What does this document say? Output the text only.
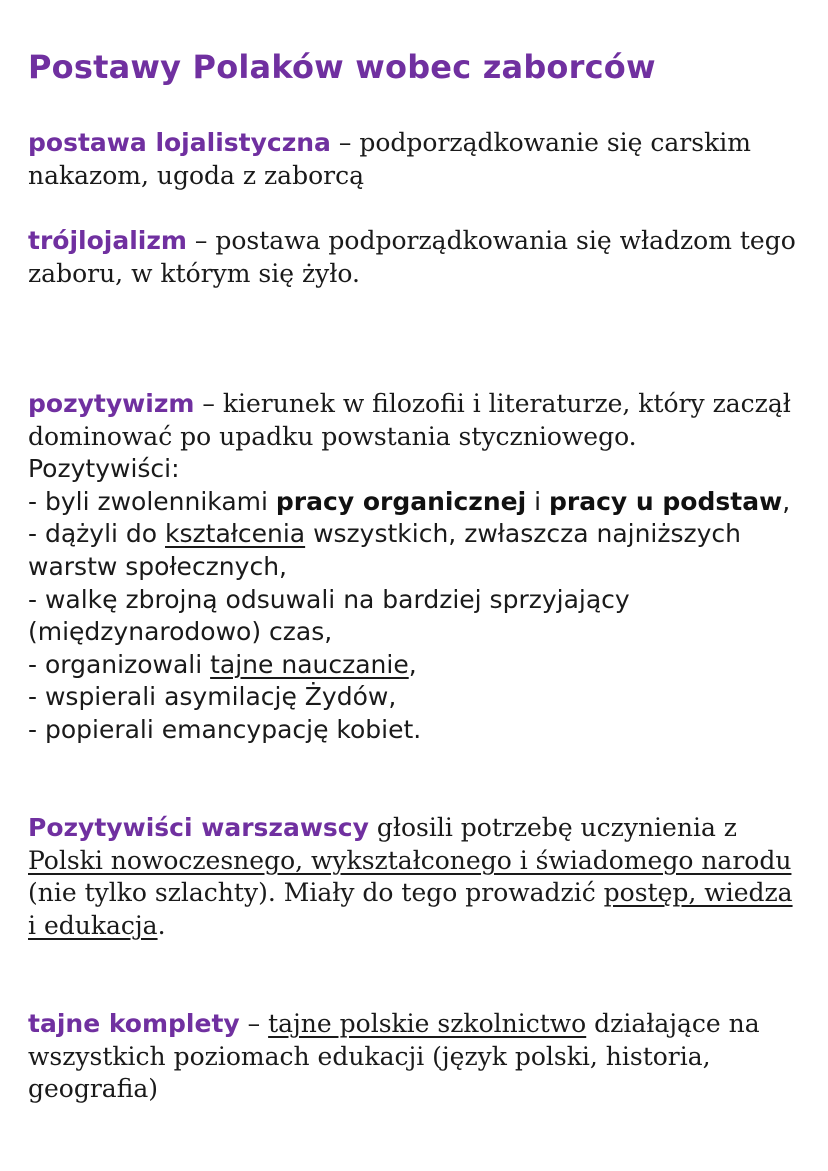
Postawy Polaków wobec zaborców

postawa lojalistyczna – podporządkowanie się carskim nakazom, ugoda z zaborcą

trójlojalizm – postawa podporządkowania się władzom tego zaboru, w którym się żyło.

pozytywizm – kierunek w filozofii i literaturze, który zaczął dominować po upadku powstania styczniowego.
Pozytywiści:
- byli zwolennikami pracy organicznej i pracy u podstaw,
- dążyli do kształcenia wszystkich, zwłaszcza najniższych warstw społecznych,
- walkę zbrojną odsuwali na bardziej sprzyjający (międzynarodowo) czas,
- organizowali tajne nauczanie,
- wspierali asymilację Żydów,
- popierali emancypację kobiet.

Pozytywiści warszawscy głosili potrzebę uczynienia z Polski nowoczesnego, wykształconego i świadomego narodu (nie tylko szlachty). Miały do tego prowadzić postęp, wiedza i edukacja.

tajne komplety – tajne polskie szkolnictwo działające na wszystkich poziomach edukacji (język polski, historia, geografia)
